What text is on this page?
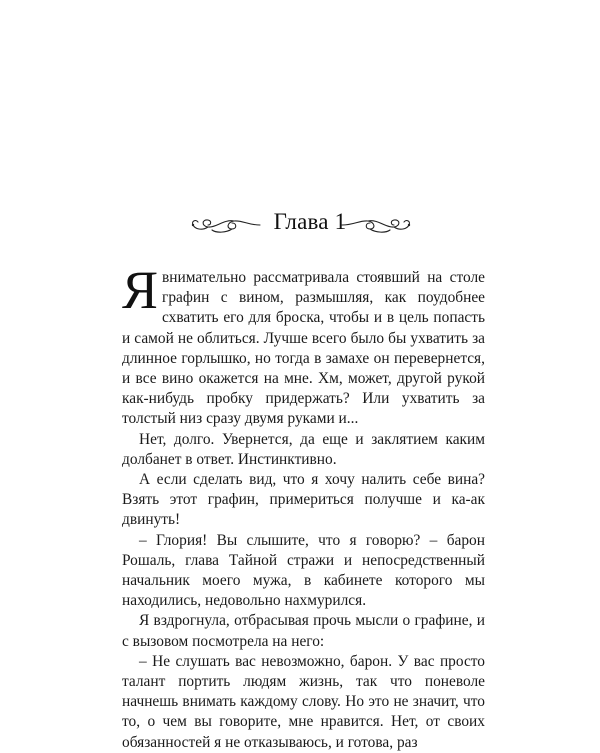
Глава 1

Явнимательно рассматривала стоявший на столе графин с вином, размышляя, как поудобнее схватить его для броска, чтобы и в цель попасть и самой не облиться. Лучше всего было бы ухватить за длинное горлышко, но тогда в замахе он перевернется, и все вино окажется на мне. Хм, может, другой рукой как-нибудь пробку придержать? Или ухватить за толстый низ сразу двумя руками и...

Нет, долго. Увернется, да еще и заклятием каким долбанет в ответ. Инстинктивно.

А если сделать вид, что я хочу налить себе вина? Взять этот графин, примериться получше и ка-ак двинуть!

– Глория! Вы слышите, что я говорю? – барон Рошаль, глава Тайной стражи и непосредственный начальник моего мужа, в кабинете которого мы находились, недовольно нахмурился.

Я вздрогнула, отбрасывая прочь мысли о графине, и с вызовом посмотрела на него:

– Не слушать вас невозможно, барон. У вас просто талант портить людям жизнь, так что поневоле начнешь внимать каждому слову. Но это не значит, что то, о чем вы говорите, мне нравится. Нет, от своих обязанностей я не отказываюсь, и готова, раз
